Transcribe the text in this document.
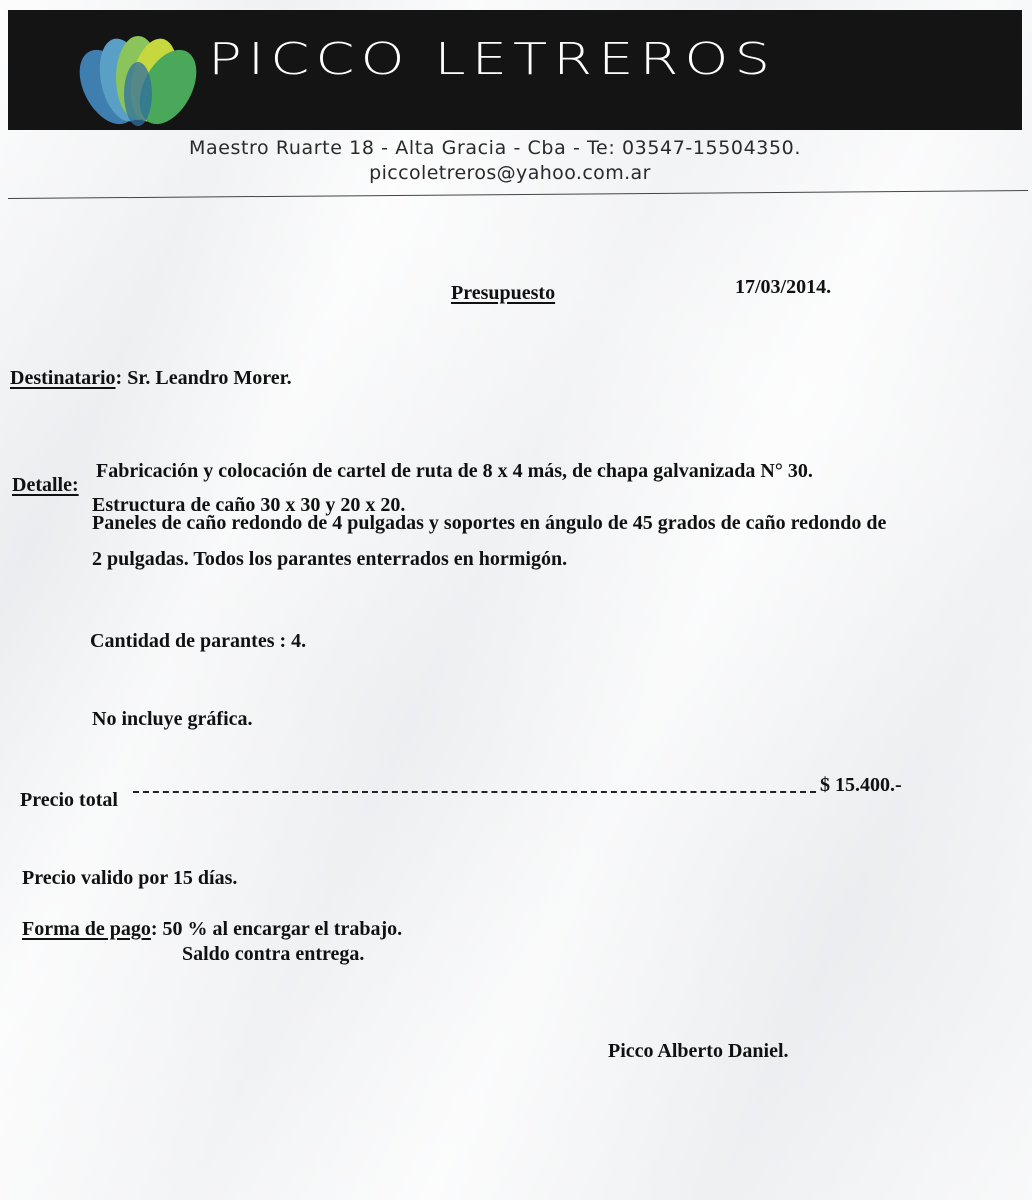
PICCO LETREROS
Maestro Ruarte 18 - Alta Gracia - Cba - Te: 03547-15504350.
piccoletreros@yahoo.com.ar
Presupuesto	17/03/2014.
Destinatario: Sr. Leandro Morer.
Detalle:
Fabricación y colocación de cartel de ruta de 8 x 4 más, de chapa galvanizada N° 30.
Estructura de caño 30 x 30 y 20 x 20.
Paneles de caño redondo de 4 pulgadas y soportes en ángulo de 45 grados de caño redondo de
2 pulgadas. Todos los parantes enterrados en hormigón.
Cantidad de parantes : 4.
No incluye gráfica.
Precio total
$ 15.400.-
Precio valido por 15 días.
Forma de pago: 50 % al encargar el trabajo.
Saldo contra entrega.
Picco Alberto Daniel.
